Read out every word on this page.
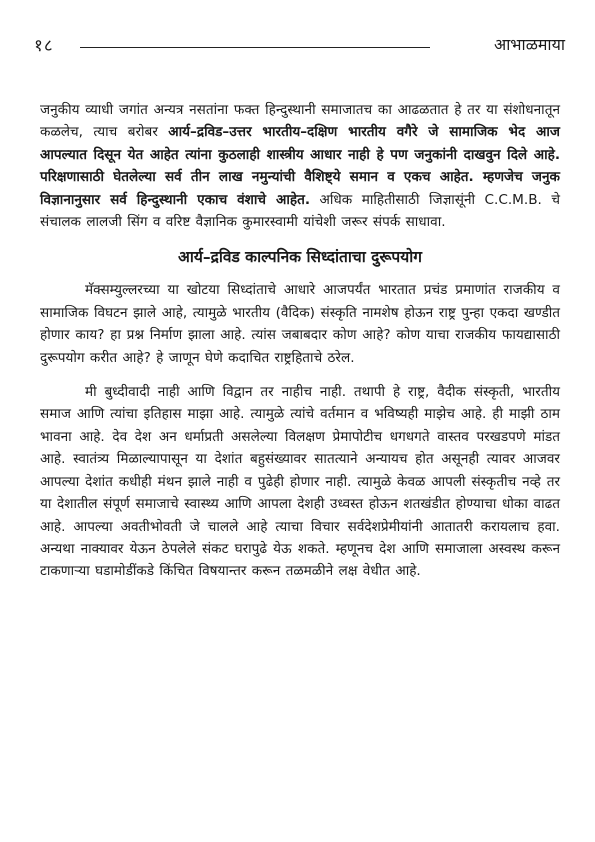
१८	आभाळमाया

जनुकीय व्याधी जगांत अन्यत्र नसतांना फक्त हिन्दुस्थानी समाजातच का आढळतात हे तर या संशोधनातून कळलेच, त्याच बरोबर आर्य–द्रविड–उत्तर भारतीय–दक्षिण भारतीय वगैरे जे सामाजिक भेद आज आपल्यात दिसून येत आहेत त्यांना कुठलाही शास्त्रीय आधार नाही हे पण जनुकांनी दाखवुन दिले आहे. परिक्षणासाठी घेतलेल्या सर्व तीन लाख नमुन्यांची वैशिष्ट्ये समान व एकच आहेत. म्हणजेच जनुक विज्ञानानुसार सर्व हिन्दुस्थानी एकाच वंशाचे आहेत. अधिक माहितीसाठी जिज्ञासूंनी C.C.M.B. चे संचालक लालजी सिंग व वरिष्ट वैज्ञानिक कुमारस्वामी यांचेशी जरूर संपर्क साधावा.

आर्य–द्रविड काल्पनिक सिध्दांताचा दुरूपयोग

मॅक्सम्युल्लरच्या या खोटया सिध्दांताचे आधारे आजपर्यंत भारतात प्रचंड प्रमाणांत राजकीय व सामाजिक विघटन झाले आहे, त्यामुळे भारतीय (वैदिक) संस्कृति नामशेष होऊन राष्ट्र पुन्हा एकदा खण्डीत होणार काय? हा प्रश्न निर्माण झाला आहे. त्यांस जबाबदार कोण आहे? कोण याचा राजकीय फायद्यासाठी दुरूपयोग करीत आहे? हे जाणून घेणे कदाचित राष्ट्रहिताचे ठरेल.

मी बुध्दीवादी नाही आणि विद्वान तर नाहीच नाही. तथापी हे राष्ट्र, वैदीक संस्कृती, भारतीय समाज आणि त्यांचा इतिहास माझा आहे. त्यामुळे त्यांचे वर्तमान व भविष्यही माझेच आहे. ही माझी ठाम भावना आहे. देव देश अन धर्माप्रती असलेल्या विलक्षण प्रेमापोटीच धगधगते वास्तव परखडपणे मांडत आहे. स्वातंत्र्य मिळाल्यापासून या देशांत बहुसंख्यावर सातत्याने अन्यायच होत असूनही त्यावर आजवर आपल्या देशांत कधीही मंथन झाले नाही व पुढेही होणार नाही. त्यामुळे केवळ आपली संस्कृतीच नव्हे तर या देशातील संपूर्ण समाजाचे स्वास्थ्य आणि आपला देशही उध्वस्त होऊन शतखंडीत होण्याचा धोका वाढत आहे. आपल्या अवतीभोवती जे चालले आहे त्याचा विचार सर्वदेशप्रेमीयांनी आतातरी करायलाच हवा. अन्यथा नाक्यावर येऊन ठेपलेले संकट घरापुढे येऊ शकते. म्हणूनच देश आणि समाजाला अस्वस्थ करून टाकणाऱ्या घडामोडींकडे किंचित विषयान्तर करून तळमळीने लक्ष वेधीत आहे.
